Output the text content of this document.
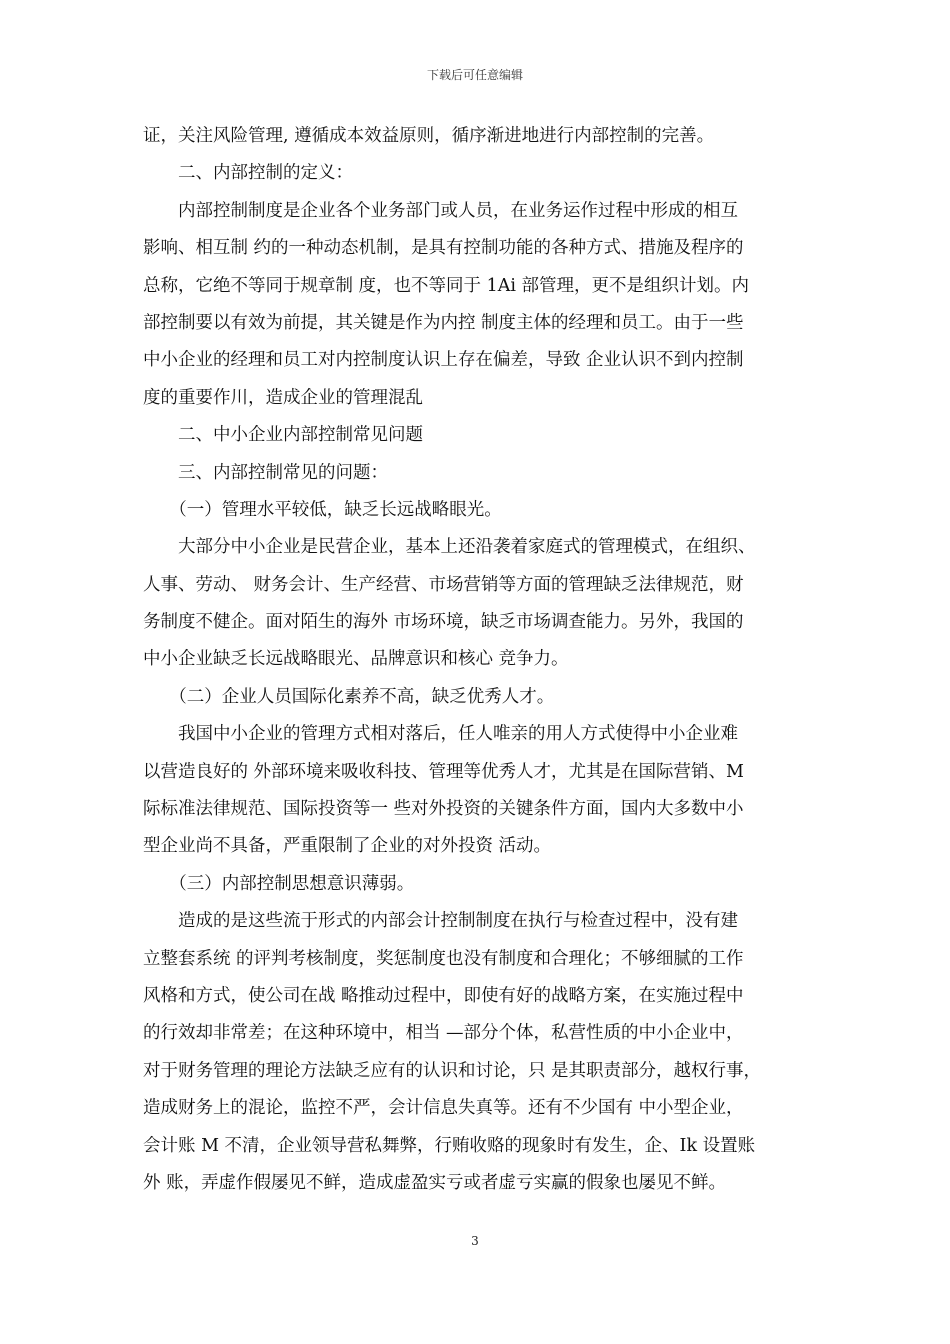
下载后可任意编辑
证，关注风险管理, 遵循成本效益原则，循序渐进地进行内部控制的完善。
　　二、内部控制的定义：
　　内部控制制度是企业各个业务部门或人员，在业务运作过程中形成的相互
影响、相互制 约的一种动态机制，是具有控制功能的各种方式、措施及程序的
总称，它绝不等同于规章制 度，也不等同于 1Ai 部管理，更不是组织计划。内
部控制要以有效为前提，其关键是作为内控 制度主体的经理和员工。由于一些
中小企业的经理和员工对内控制度认识上存在偏差，导致 企业认识不到内控制
度的重要作川，造成企业的管理混乱
　　二、中小企业内部控制常见问题
　　三、内部控制常见的问题：
　　（一）管理水平较低，缺乏长远战略眼光。
　　大部分中小企业是民营企业，基本上还沿袭着家庭式的管理模式，在组织、
人事、劳动、 财务会计、生产经营、市场营销等方面的管理缺乏法律规范，财
务制度不健企。面对陌生的海外 市场环境，缺乏市场调查能力。另外，我国的
中小企业缺乏长远战略眼光、品牌意识和核心 竞争力。
　　（二）企业人员国际化素养不高，缺乏优秀人才。
　　我国中小企业的管理方式相对落后，任人唯亲的用人方式使得中小企业难
以营造良好的 外部环境来吸收科技、管理等优秀人才，尤其是在国际营销、M
际标准法律规范、国际投资等一 些对外投资的关键条件方面，国内大多数中小
型企业尚不具备，严重限制了企业的对外投资 活动。
　　（三）内部控制思想意识薄弱。
　　造成的是这些流于形式的内部会计控制制度在执行与检查过程中，没有建
立整套系统 的评判考核制度，奖惩制度也没有制度和合理化；不够细腻的工作
风格和方式，使公司在战 略推动过程中，即使有好的战略方案，在实施过程中
的行效却非常差；在这种环境中，相当 —部分个体，私营性质的中小企业中，
对于财务管理的理论方法缺乏应有的认识和讨论，只 是其职责部分，越权行事，
造成财务上的混论，监控不严，会计信息失真等。还有不少国有 中小型企业，
会计账 M 不清，企业领导营私舞弊，行贿收赂的现象时有发生，企、Ik 设置账
外 账，弄虚作假屡见不鲜，造成虚盈实亏或者虚亏实赢的假象也屡见不鲜。
3
